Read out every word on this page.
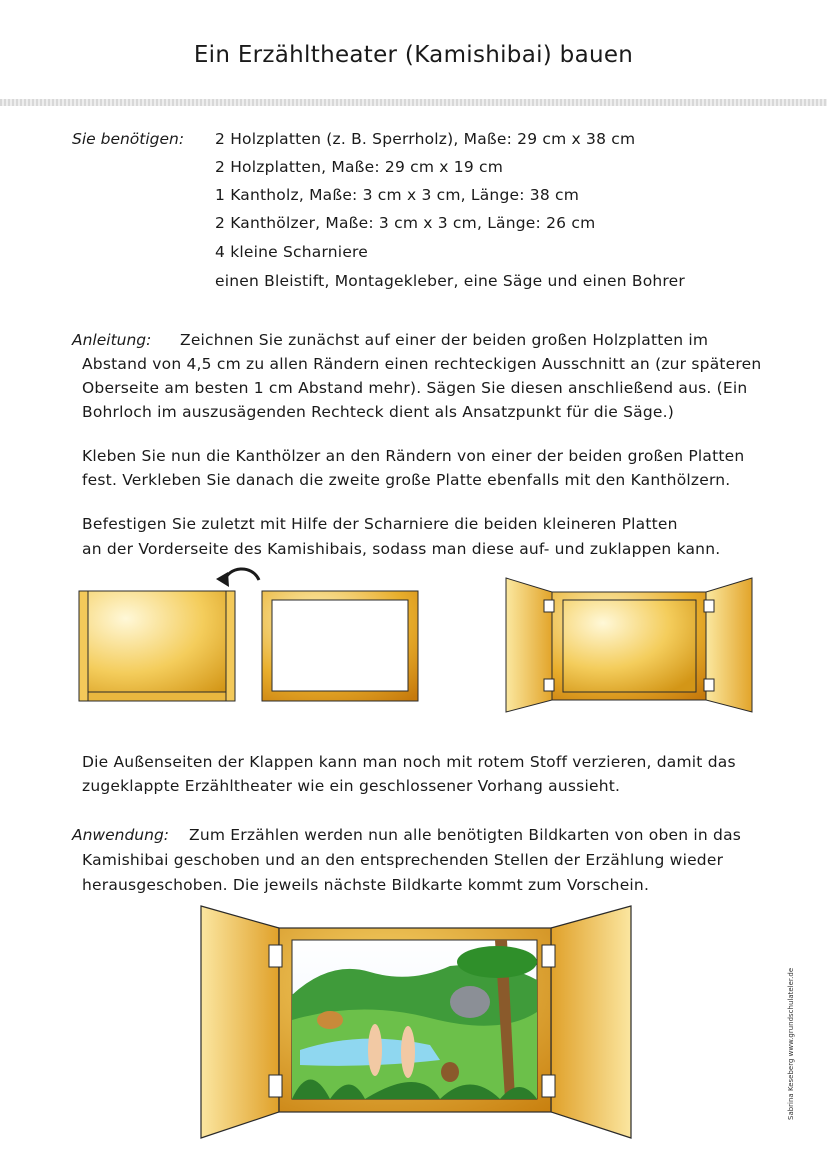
Ein Erzähltheater (Kamishibai) bauen
Sie benötigen: 2 Holzplatten (z. B. Sperrholz), Maße: 29 cm x 38 cm
2 Holzplatten, Maße: 29 cm x 19 cm
1 Kantholz, Maße: 3 cm x 3 cm, Länge: 38 cm
2 Kanthölzer, Maße: 3 cm x 3 cm, Länge: 26 cm
4 kleine Scharniere
einen Bleistift, Montagekleber, eine Säge und einen Bohrer
Anleitung: Zeichnen Sie zunächst auf einer der beiden großen Holzplatten im
Abstand von 4,5 cm zu allen Rändern einen rechteckigen Ausschnitt an (zur späteren
Oberseite am besten 1 cm Abstand mehr). Sägen Sie diesen anschließend aus. (Ein
Bohrloch im auszusägenden Rechteck dient als Ansatzpunkt für die Säge.)
Kleben Sie nun die Kanthölzer an den Rändern von einer der beiden großen Platten
fest. Verkleben Sie danach die zweite große Platte ebenfalls mit den Kanthölzern.
Befestigen Sie zuletzt mit Hilfe der Scharniere die beiden kleineren Platten
an der Vorderseite des Kamishibais, sodass man diese auf- und zuklappen kann.
Die Außenseiten der Klappen kann man noch mit rotem Stoff verzieren, damit das
zugeklappte Erzähltheater wie ein geschlossener Vorhang aussieht.
Anwendung: Zum Erzählen werden nun alle benötigten Bildkarten von oben in das
Kamishibai geschoben und an den entsprechenden Stellen der Erzählung wieder
herausgeschoben. Die jeweils nächste Bildkarte kommt zum Vorschein.
Sabrina Keseberg www.grundschulateler.de
